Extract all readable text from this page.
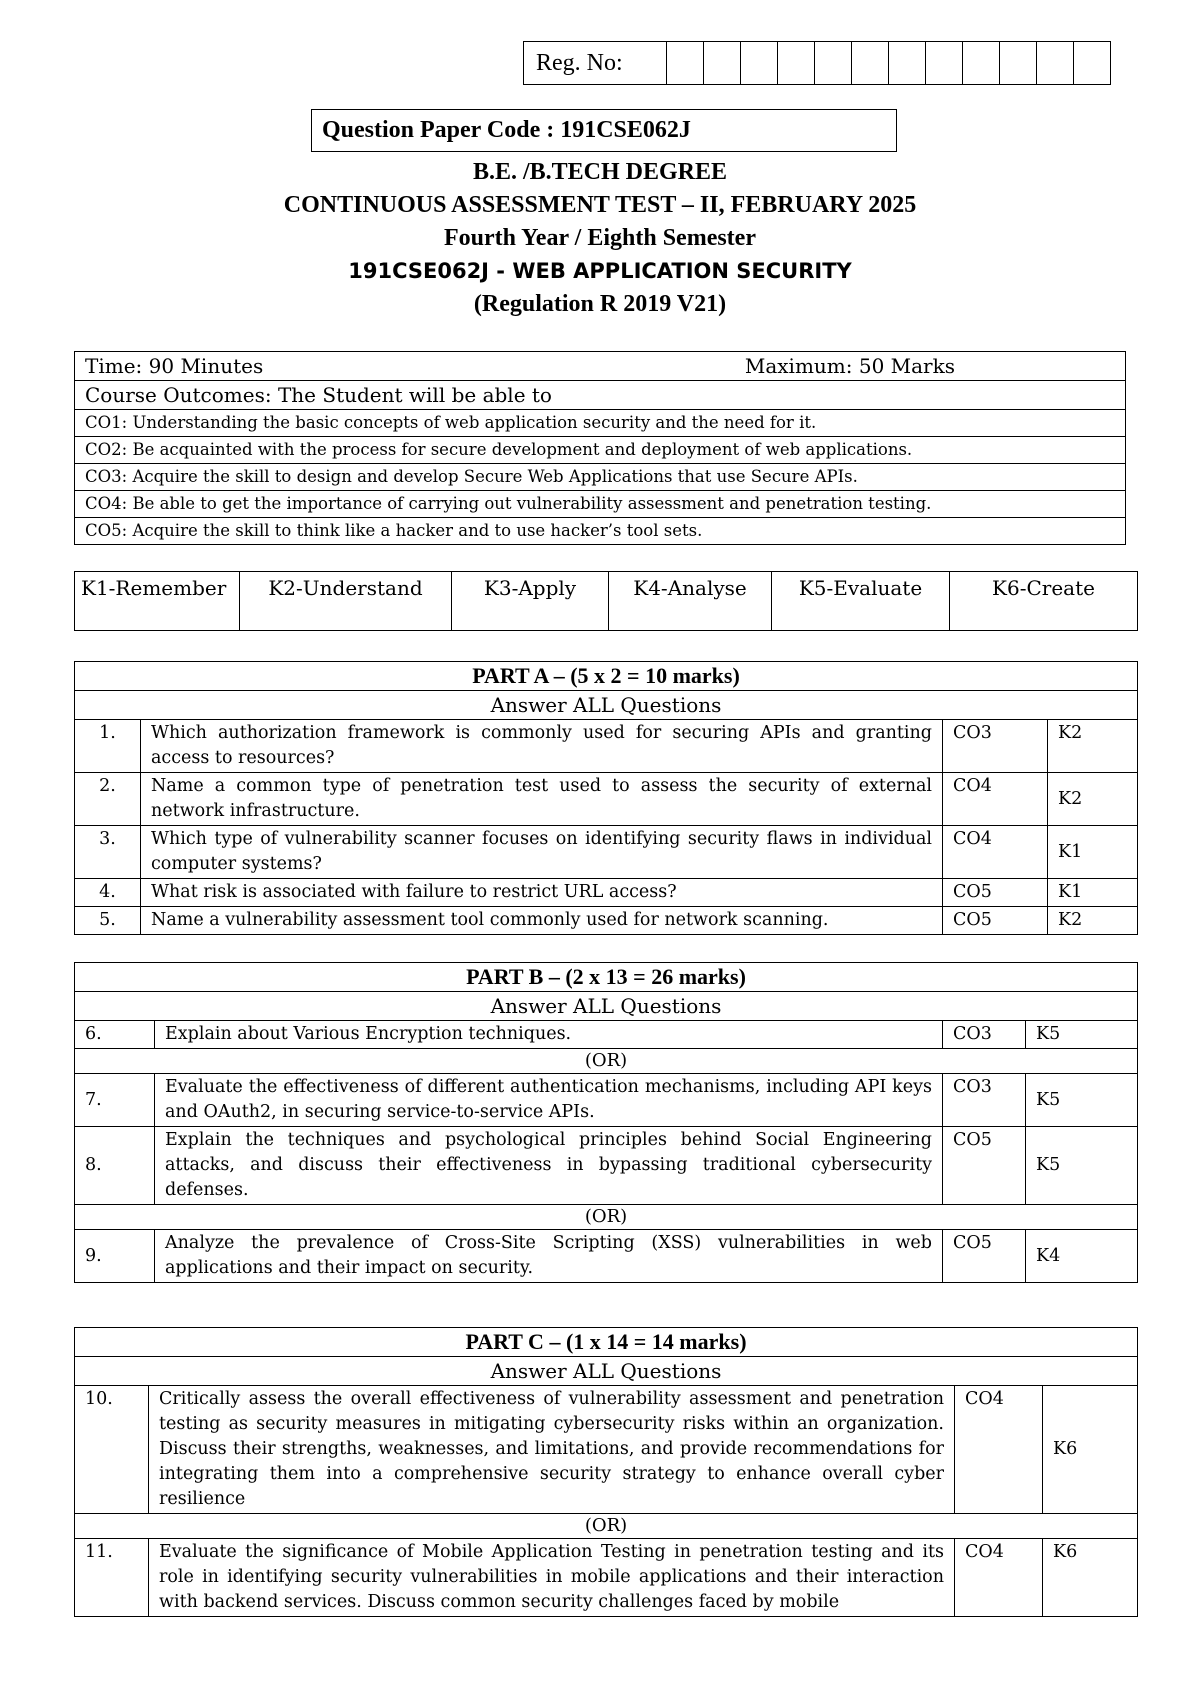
Reg. No:												
Question Paper Code : 191CSE062J
B.E. /B.TECH DEGREE
CONTINUOUS ASSESSMENT TEST – II, FEBRUARY 2025
Fourth Year / Eighth Semester
191CSE062J - WEB APPLICATION SECURITY
(Regulation R 2019 V21)
Time: 90 Minutes	Maximum: 50 Marks

Course Outcomes: The Student will be able to
CO1: Understanding the basic concepts of web application security and the need for it.
CO2: Be acquainted with the process for secure development and deployment of web applications.
CO3: Acquire the skill to design and develop Secure Web Applications that use Secure APIs.
CO4: Be able to get the importance of carrying out vulnerability assessment and penetration testing.
CO5: Acquire the skill to think like a hacker and to use hacker’s tool sets.
K1-Remember	K2-Understand	K3-Apply	K4-Analyse	K5-Evaluate	K6-Create
PART A – (5 x 2 = 10 marks)			
Answer ALL Questions			
1.	Which authorization framework is commonly used for securing APIs and granting access to resources?	CO3	K2
2.	Name a common type of penetration test used to assess the security of external network infrastructure.	CO4	K2
3.	Which type of vulnerability scanner focuses on identifying security flaws in individual computer systems?	CO4	K1
4.	What risk is associated with failure to restrict URL access?	CO5	K1
5.	Name a vulnerability assessment tool commonly used for network scanning.	CO5	K2
PART B – (2 x 13 = 26 marks)			
Answer ALL Questions			
6.	Explain about Various Encryption techniques.	CO3	K5
(OR)			
7.	Evaluate the effectiveness of different authentication mechanisms, including API keys and OAuth2, in securing service-to-service APIs.	CO3	K5
8.	Explain the techniques and psychological principles behind Social Engineering attacks, and discuss their effectiveness in bypassing traditional cybersecurity defenses.	CO5	K5
(OR)			
9.	Analyze the prevalence of Cross-Site Scripting (XSS) vulnerabilities in web applications and their impact on security.	CO5	K4
PART C – (1 x 14 = 14 marks)			
Answer ALL Questions			
10.	Critically assess the overall effectiveness of vulnerability assessment and penetration testing as security measures in mitigating cybersecurity risks within an organization. Discuss their strengths, weaknesses, and limitations, and provide recommendations for integrating them into a comprehensive security strategy to enhance overall cyber resilience	CO4	K6
(OR)			
11.	Evaluate the significance of Mobile Application Testing in penetration testing and its role in identifying security vulnerabilities in mobile applications and their interaction with backend services. Discuss common security challenges faced by mobile	CO4	K6
